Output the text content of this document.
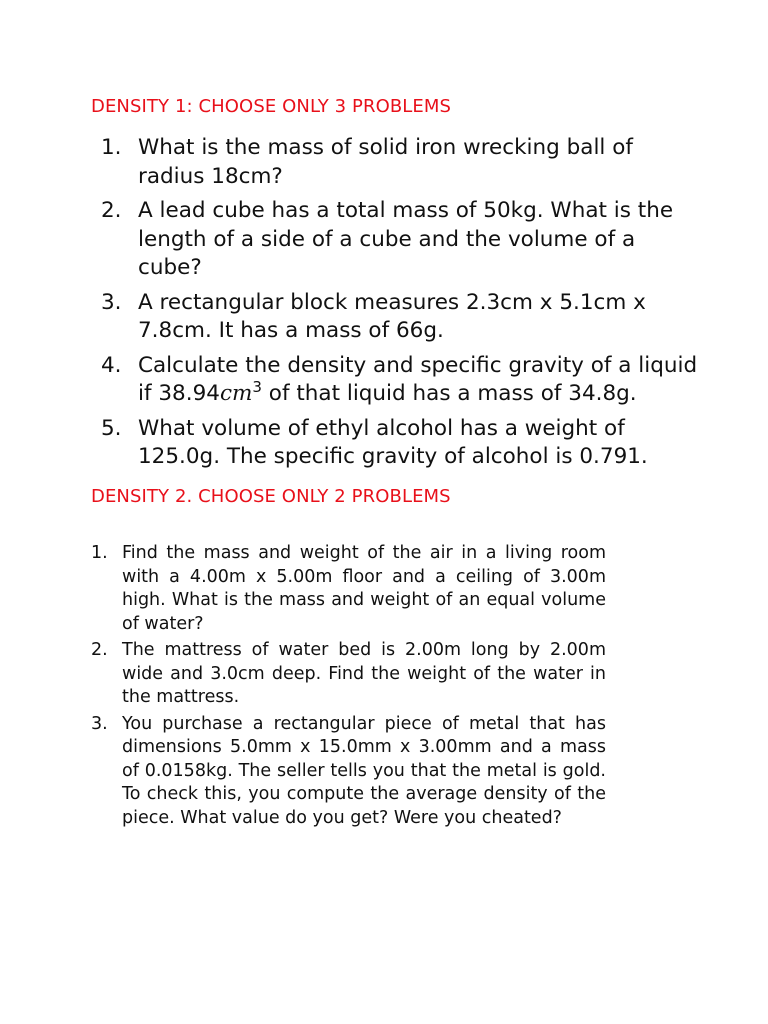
DENSITY 1: CHOOSE ONLY 3 PROBLEMS
1. What is the mass of solid iron wrecking ball of radius 18cm?
2. A lead cube has a total mass of 50kg. What is the length of a side of a cube and the volume of a cube?
3. A rectangular block measures 2.3cm x 5.1cm x 7.8cm. It has a mass of 66g.
4. Calculate the density and specific gravity of a liquid if $38.94cm^3$ of that liquid has a mass of 34.8g.
5. What volume of ethyl alcohol has a weight of 125.0g. The specific gravity of alcohol is 0.791.
DENSITY 2. CHOOSE ONLY 2 PROBLEMS
1. Find the mass and weight of the air in a living room with a 4.00m x 5.00m floor and a ceiling of 3.00m high. What is the mass and weight of an equal volume of water?
2. The mattress of water bed is 2.00m long by 2.00m wide and 3.0cm deep. Find the weight of the water in the mattress.
3. You purchase a rectangular piece of metal that has dimensions 5.0mm x 15.0mm x 3.00mm and a mass of 0.0158kg. The seller tells you that the metal is gold. To check this, you compute the average density of the piece. What value do you get? Were you cheated?
